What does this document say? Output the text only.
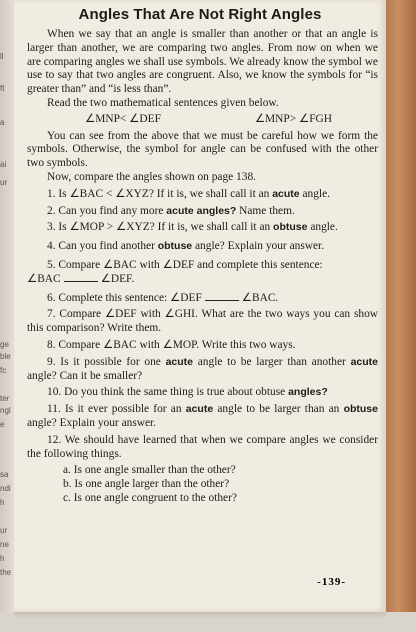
ll
ft
a
ai
ur
ge
ble
fc
ter
ngl
e
sa
ndi
h
ur
ne
h
the
Angles That Are Not Right Angles

When we say that an angle is smaller than another or that an angle is larger than another, we are comparing two angles. From now on when we are comparing angles we shall use symbols. We already know the symbol we use to say that two angles are congruent. Also, we know the symbols for “is greater than” and “is less than”.

Read the two mathematical sentences given below.

∠MNP< ∠DEF	∠MNP> ∠FGH

You can see from the above that we must be careful how we form the symbols. Otherwise, the symbol for angle can be confused with the other two symbols.

Now, compare the angles shown on page 138.

1. Is ∠BAC < ∠XYZ? If it is, we shall call it an acute angle.

2. Can you find any more acute angles? Name them.

3. Is ∠MOP > ∠XYZ? If it is, we shall call it an obtuse angle.

4. Can you find another obtuse angle? Explain your answer.

5. Compare ∠BAC with ∠DEF and complete this sentence:

∠BAC	∠DEF.

6. Complete this sentence: ∠DEF	∠BAC.

7. Compare ∠DEF with ∠GHI. What are the two ways you can show this comparison? Write them.

8. Compare ∠BAC with ∠MOP. Write this two ways.

9. Is it possible for one acute angle to be larger than another acute angle? Can it be smaller?

10. Do you think the same thing is true about obtuse angles?

11. Is it ever possible for an acute angle to be larger than an obtuse angle? Explain your answer.

12. We should have learned that when we compare angles we consider the following things.

a. Is one angle smaller than the other?

b. Is one angle larger than the other?

c. Is one angle congruent to the other?

-139-
